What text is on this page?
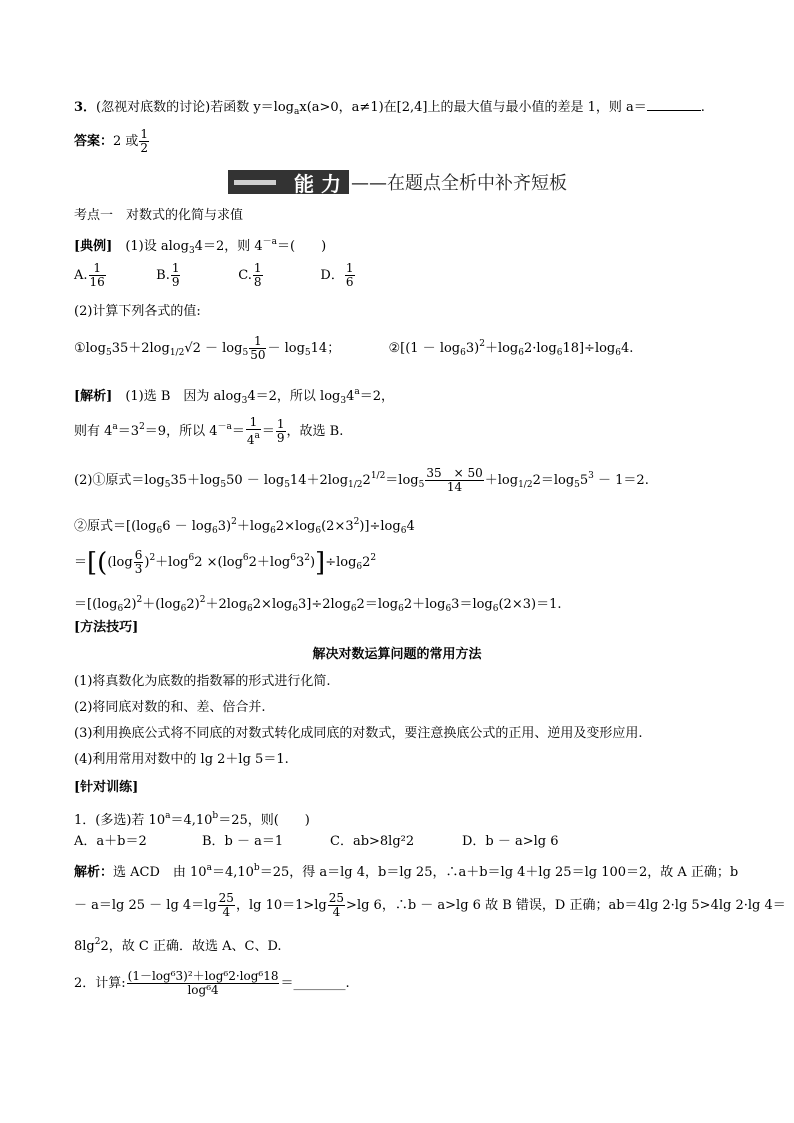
3．(忽视对底数的讨论)若函数 $y=\log_ax(a>0$，a≠1)在[2,4]上的最大值与最小值的差是 1，则 a＝	.
答案：2 或 $\frac{1}{2}$
能 力 ——在题点全析中补齐短板
考点一　对数式的化简与求值
[典例]　 (1)设 alog$_3$4＝2，则 $4^{-a}=$(　　)
A. $\frac{1}{16}$	B. $\frac{1}{9}$	C. $\frac{1}{8}$	D． $\frac{1}{6}$
(2)计算下列各式的值:
$①\log_535+2\log_{1/2}√2 - \log_5 \frac{1}{50} - \log_514$；	②[(1 － $\log_63)^2+\log_62\cdot\log_618]\div\log_64$.
[解析]　 (1)选 B　因为 alog$_3$4＝2，所以 $\log_34^a=2$，
则有 $4^a=3^2=9$，所以 $4^{-a}= \frac{1}{4^a} = \frac{1}{9}$ ，故选 B.
(2)①原式$=\log_535+\log_550 - \log_514+2\log_{1/2}2^{1/2}=\log_5 \frac{35 \times 50}{14} +\log_{1/2}2=\log_55^3 - 1=2$.
②原式$=[(\log_66 - \log_63)^2+\log_62\times\log_6(2\times 3^2)]\div\log_64$
$=[((\log \frac{6}{3} )^2+\log^62 \times(\log^62+\log^63^2)]\div\log_62^2$
$=[(\log_62)^2+(\log_62)^2+2\log_62\times\log_63]\div 2\log_62=\log_62+\log_63=\log_6(2\times 3)=1$.
[方法技巧]
解决对数运算问题的常用方法
(1)将真数化为底数的指数幂的形式进行化简.
(2)将同底对数的和、差、倍合并.
(3)利用换底公式将不同底的对数式转化成同底的对数式，要注意换底公式的正用、逆用及变形应用.
(4)利用常用对数中的 lg 2＋lg 5＝1.
[针对训练]
1．(多选)若 $10^a=4,10^b=25$，则(　　)
A．a＋b＝2	B．b － a＝1	C．ab>8lg²2	D．b － a>lg 6
解析：选 ACD　由 $10^a=4,10^b=25$，得 a＝lg 4，b＝lg 25，∴a＋b＝lg 4＋lg 25＝lg 100＝2，故 A 正确；b
－ a＝lg $25 - \lg 4=\lg \frac{25}{4}$ ，$\lg 10=1>\lg \frac{25}{4} >\lg$ 6，∴b － a>lg 6 故 B 错误，D 正确；ab＝4lg 2·lg 5>4lg 2·lg 4＝
$8\lg^22$，故 C 正确．故选 A、C、D.
2．计算: $\frac{\text{(1－log⁶3)²＋log⁶2·log⁶18}}{\text{log⁶4}}$ ＝________.
